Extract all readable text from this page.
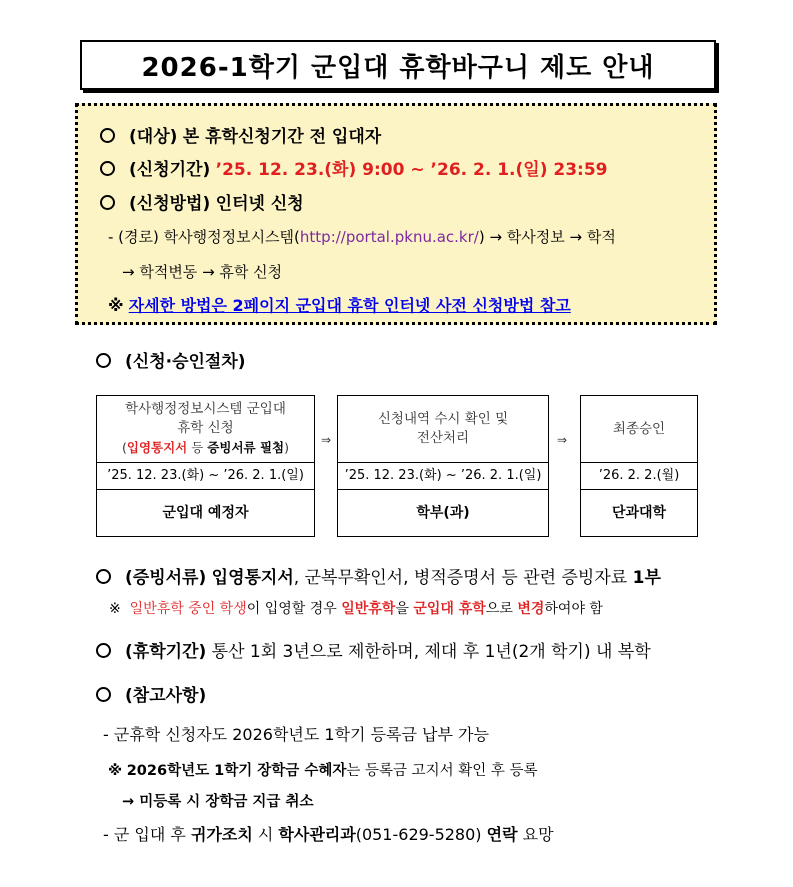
2026-1학기 군입대 휴학바구니 제도 안내
(대상) 본 휴학신청기간 전 입대자
(신청기간) ’25. 12. 23.(화) 9:00 ~ ’26. 2. 1.(일) 23:59
(신청방법) 인터넷 신청
- (경로) 학사행정정보시스템(http://portal.pknu.ac.kr/) → 학사정보 → 학적
→ 학적변동 → 휴학 신청
※ 자세한 방법은 2페이지 군입대 휴학 인터넷 사전 신청방법 참고
(신청·승인절차)
학사행정정보시스템 군입대
휴학 신청
(입영통지서 등 증빙서류 필첨)
’25. 12. 23.(화) ~ ’26. 2. 1.(일)
군입대 예정자
⇒
신청내역 수시 확인 및
전산처리
’25. 12. 23.(화) ~ ’26. 2. 1.(일)
학부(과)
⇒
최종승인
’26. 2. 2.(월)
단과대학
(증빙서류) 입영통지서, 군복무확인서, 병적증명서 등 관련 증빙자료 1부
※ 일반휴학 중인 학생이 입영할 경우 일반휴학을 군입대 휴학으로 변경하여야 함
(휴학기간) 통산 1회 3년으로 제한하며, 제대 후 1년(2개 학기) 내 복학
(참고사항)
- 군휴학 신청자도 2026학년도 1학기 등록금 납부 가능
※ 2026학년도 1학기 장학금 수혜자는 등록금 고지서 확인 후 등록
→ 미등록 시 장학금 지급 취소
- 군 입대 후 귀가조치 시 학사관리과(051-629-5280) 연락 요망
